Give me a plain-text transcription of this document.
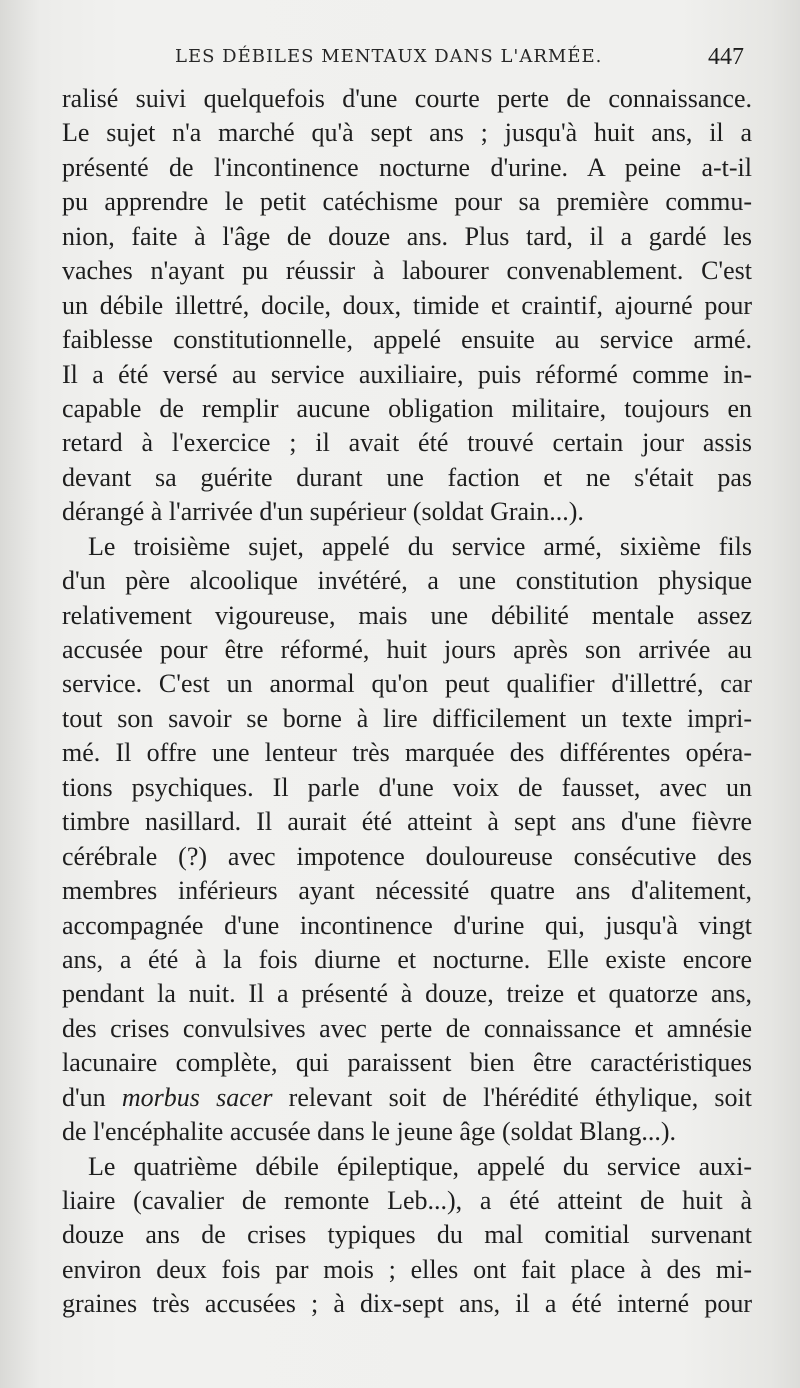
LES DÉBILES MENTAUX DANS L'ARMÉE.	447
ralisé suivi quelquefois d'une courte perte de connaissance.
Le sujet n'a marché qu'à sept ans ; jusqu'à huit ans, il a
présenté de l'incontinence nocturne d'urine. A peine a-t-il
pu apprendre le petit catéchisme pour sa première commu-
nion, faite à l'âge de douze ans. Plus tard, il a gardé les
vaches n'ayant pu réussir à labourer convenablement. C'est
un débile illettré, docile, doux, timide et craintif, ajourné pour
faiblesse constitutionnelle, appelé ensuite au service armé.
Il a été versé au service auxiliaire, puis réformé comme in-
capable de remplir aucune obligation militaire, toujours en
retard à l'exercice ; il avait été trouvé certain jour assis
devant sa guérite durant une faction et ne s'était pas
dérangé à l'arrivée d'un supérieur (soldat Grain...).
Le troisième sujet, appelé du service armé, sixième fils
d'un père alcoolique invétéré, a une constitution physique
relativement vigoureuse, mais une débilité mentale assez
accusée pour être réformé, huit jours après son arrivée au
service. C'est un anormal qu'on peut qualifier d'illettré, car
tout son savoir se borne à lire difficilement un texte impri-
mé. Il offre une lenteur très marquée des différentes opéra-
tions psychiques. Il parle d'une voix de fausset, avec un
timbre nasillard. Il aurait été atteint à sept ans d'une fièvre
cérébrale (?) avec impotence douloureuse consécutive des
membres inférieurs ayant nécessité quatre ans d'alitement,
accompagnée d'une incontinence d'urine qui, jusqu'à vingt
ans, a été à la fois diurne et nocturne. Elle existe encore
pendant la nuit. Il a présenté à douze, treize et quatorze ans,
des crises convulsives avec perte de connaissance et amnésie
lacunaire complète, qui paraissent bien être caractéristiques
d'un morbus sacer relevant soit de l'hérédité éthylique, soit
de l'encéphalite accusée dans le jeune âge (soldat Blang...).
Le quatrième débile épileptique, appelé du service auxi-
liaire (cavalier de remonte Leb...), a été atteint de huit à
douze ans de crises typiques du mal comitial survenant
environ deux fois par mois ; elles ont fait place à des mi-
graines très accusées ; à dix-sept ans, il a été interné pour
